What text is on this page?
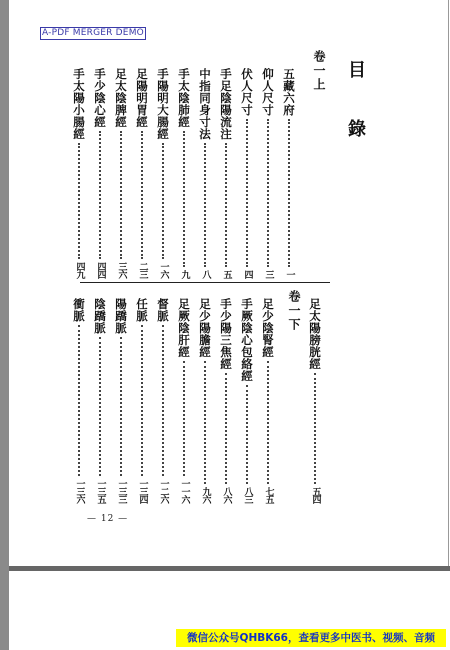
A-PDF MERGER DEMO
目 錄
卷一上
卷一下
五藏六府
一
仰人尺寸
三
伏人尺寸
四
手足陰陽流注
五
中指同身寸法
八
手太陰肺經
九
手陽明大腸經
一六
足陽明胃經
二三
足太陰脾經
三六
手少陰心經
四四
手太陽小腸經
四九
足太陽膀胱經
五四
足少陰腎經
七五
手厥陰心包絡經
八三
手少陽三焦經
八六
足少陽膽經
九六
足厥陰肝經
一一六
督脈
一二六
任脈
一三四
陽蹻脈
一三三
陰蹻脈
一三五
衝脈
一三六
— 12 —
微信公众号QHBK66，查看更多中医书、视频、音频
